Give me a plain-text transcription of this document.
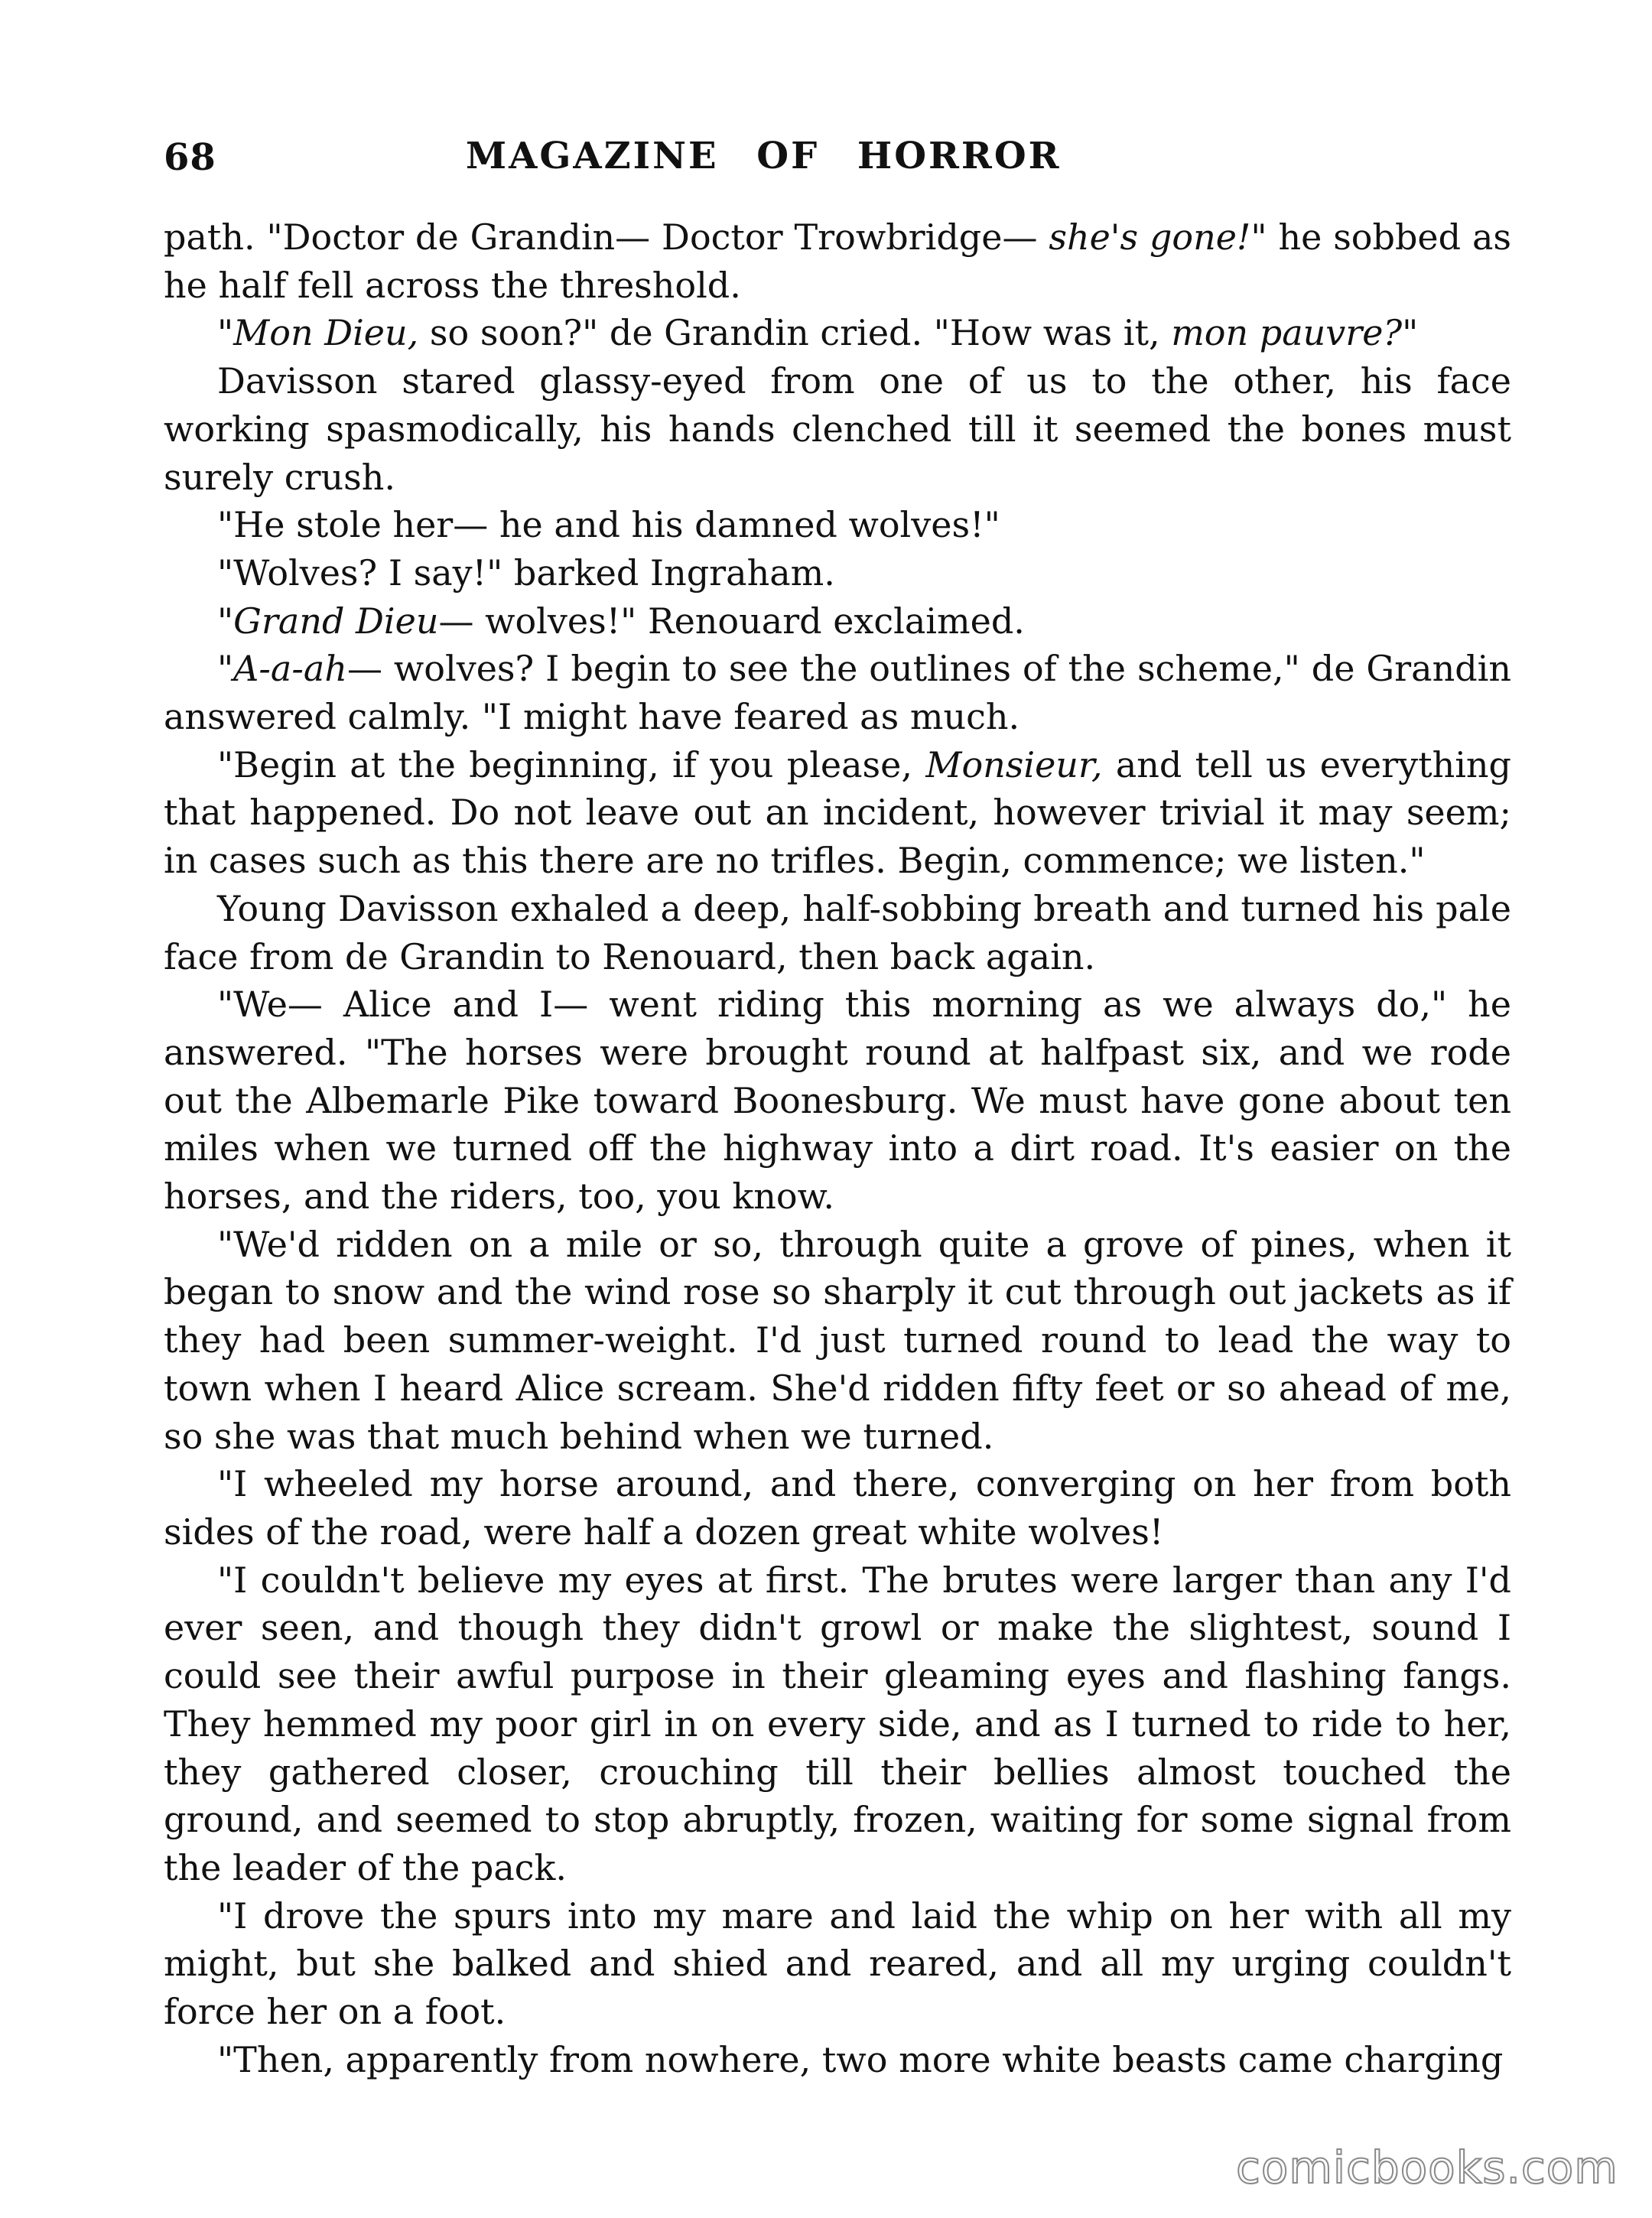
68	MAGAZINE OF HORROR

path. "Doctor de Grandin— Doctor Trowbridge— she's gone!" he sobbed as he half fell across the threshold.

"Mon Dieu, so soon?" de Grandin cried. "How was it, mon pauvre?"

Davisson stared glassy-eyed from one of us to the other, his face working spasmodically, his hands clenched till it seemed the bones must surely crush.

"He stole her— he and his damned wolves!"

"Wolves? I say!" barked Ingraham.

"Grand Dieu— wolves!" Renouard exclaimed.

"A-a-ah— wolves? I begin to see the outlines of the scheme," de Grandin answered calmly. "I might have feared as much.

"Begin at the beginning, if you please, Monsieur, and tell us everything that happened. Do not leave out an incident, however trivial it may seem; in cases such as this there are no trifles. Begin, commence; we listen."

Young Davisson exhaled a deep, half-sobbing breath and turned his pale face from de Grandin to Renouard, then back again.

"We— Alice and I— went riding this morning as we always do," he answered. "The horses were brought round at halfpast six, and we rode out the Albemarle Pike toward Boonesburg. We must have gone about ten miles when we turned off the highway into a dirt road. It's easier on the horses, and the riders, too, you know.

"We'd ridden on a mile or so, through quite a grove of pines, when it began to snow and the wind rose so sharply it cut through out jackets as if they had been summer-weight. I'd just turned round to lead the way to town when I heard Alice scream. She'd ridden fifty feet or so ahead of me, so she was that much behind when we turned.

"I wheeled my horse around, and there, converging on her from both sides of the road, were half a dozen great white wolves!

"I couldn't believe my eyes at first. The brutes were larger than any I'd ever seen, and though they didn't growl or make the slightest, sound I could see their awful purpose in their gleaming eyes and flashing fangs. They hemmed my poor girl in on every side, and as I turned to ride to her, they gathered closer, crouching till their bellies almost touched the ground, and seemed to stop abruptly, frozen, waiting for some signal from the leader of the pack.

"I drove the spurs into my mare and laid the whip on her with all my might, but she balked and shied and reared, and all my urging couldn't force her on a foot.

"Then, apparently from nowhere, two more white beasts came charging

comicbooks.com
